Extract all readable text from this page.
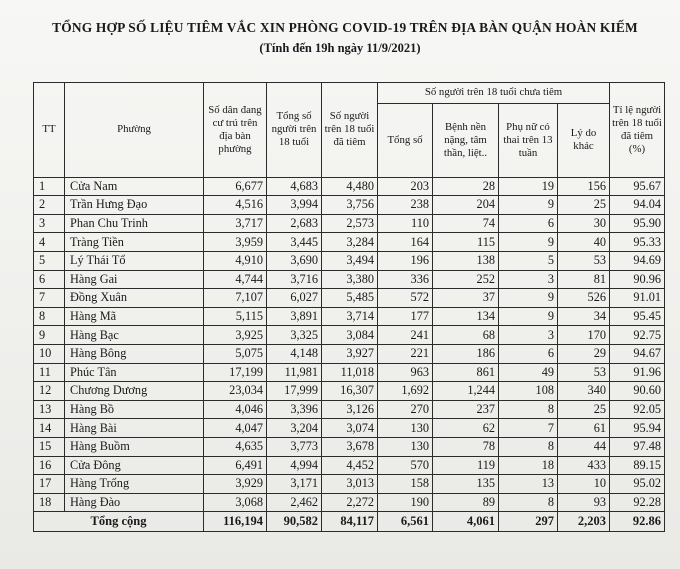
TỔNG HỢP SỐ LIỆU TIÊM VẮC XIN PHÒNG COVID-19 TRÊN ĐỊA BÀN QUẬN HOÀN KIẾM
(Tính đến 19h ngày 11/9/2021)
TT	Phường	Số dân đang cư trú trên địa bàn phường	Tổng số người trên 18 tuổi	Số người trên 18 tuổi đã tiêm	Số người trên 18 tuổi chưa tiêm				Tỉ lệ người trên 18 tuổi đã tiêm (%)
					Tổng số	Bệnh nền nặng, tâm thần, liệt..	Phụ nữ có thai trên 13 tuần	Lý do khác	
1	Cửa Nam	6,677	4,683	4,480	203	28	19	156	95.67
2	Trần Hưng Đạo	4,516	3,994	3,756	238	204	9	25	94.04
3	Phan Chu Trinh	3,717	2,683	2,573	110	74	6	30	95.90
4	Tràng Tiền	3,959	3,445	3,284	164	115	9	40	95.33
5	Lý Thái Tổ	4,910	3,690	3,494	196	138	5	53	94.69
6	Hàng Gai	4,744	3,716	3,380	336	252	3	81	90.96
7	Đồng Xuân	7,107	6,027	5,485	572	37	9	526	91.01
8	Hàng Mã	5,115	3,891	3,714	177	134	9	34	95.45
9	Hàng Bạc	3,925	3,325	3,084	241	68	3	170	92.75
10	Hàng Bông	5,075	4,148	3,927	221	186	6	29	94.67
11	Phúc Tân	17,199	11,981	11,018	963	861	49	53	91.96
12	Chương Dương	23,034	17,999	16,307	1,692	1,244	108	340	90.60
13	Hàng Bồ	4,046	3,396	3,126	270	237	8	25	92.05
14	Hàng Bài	4,047	3,204	3,074	130	62	7	61	95.94
15	Hàng Buồm	4,635	3,773	3,678	130	78	8	44	97.48
16	Cửa Đông	6,491	4,994	4,452	570	119	18	433	89.15
17	Hàng Trống	3,929	3,171	3,013	158	135	13	10	95.02
18	Hàng Đào	3,068	2,462	2,272	190	89	8	93	92.28
Tổng cộng		116,194	90,582	84,117	6,561	4,061	297	2,203	92.86
